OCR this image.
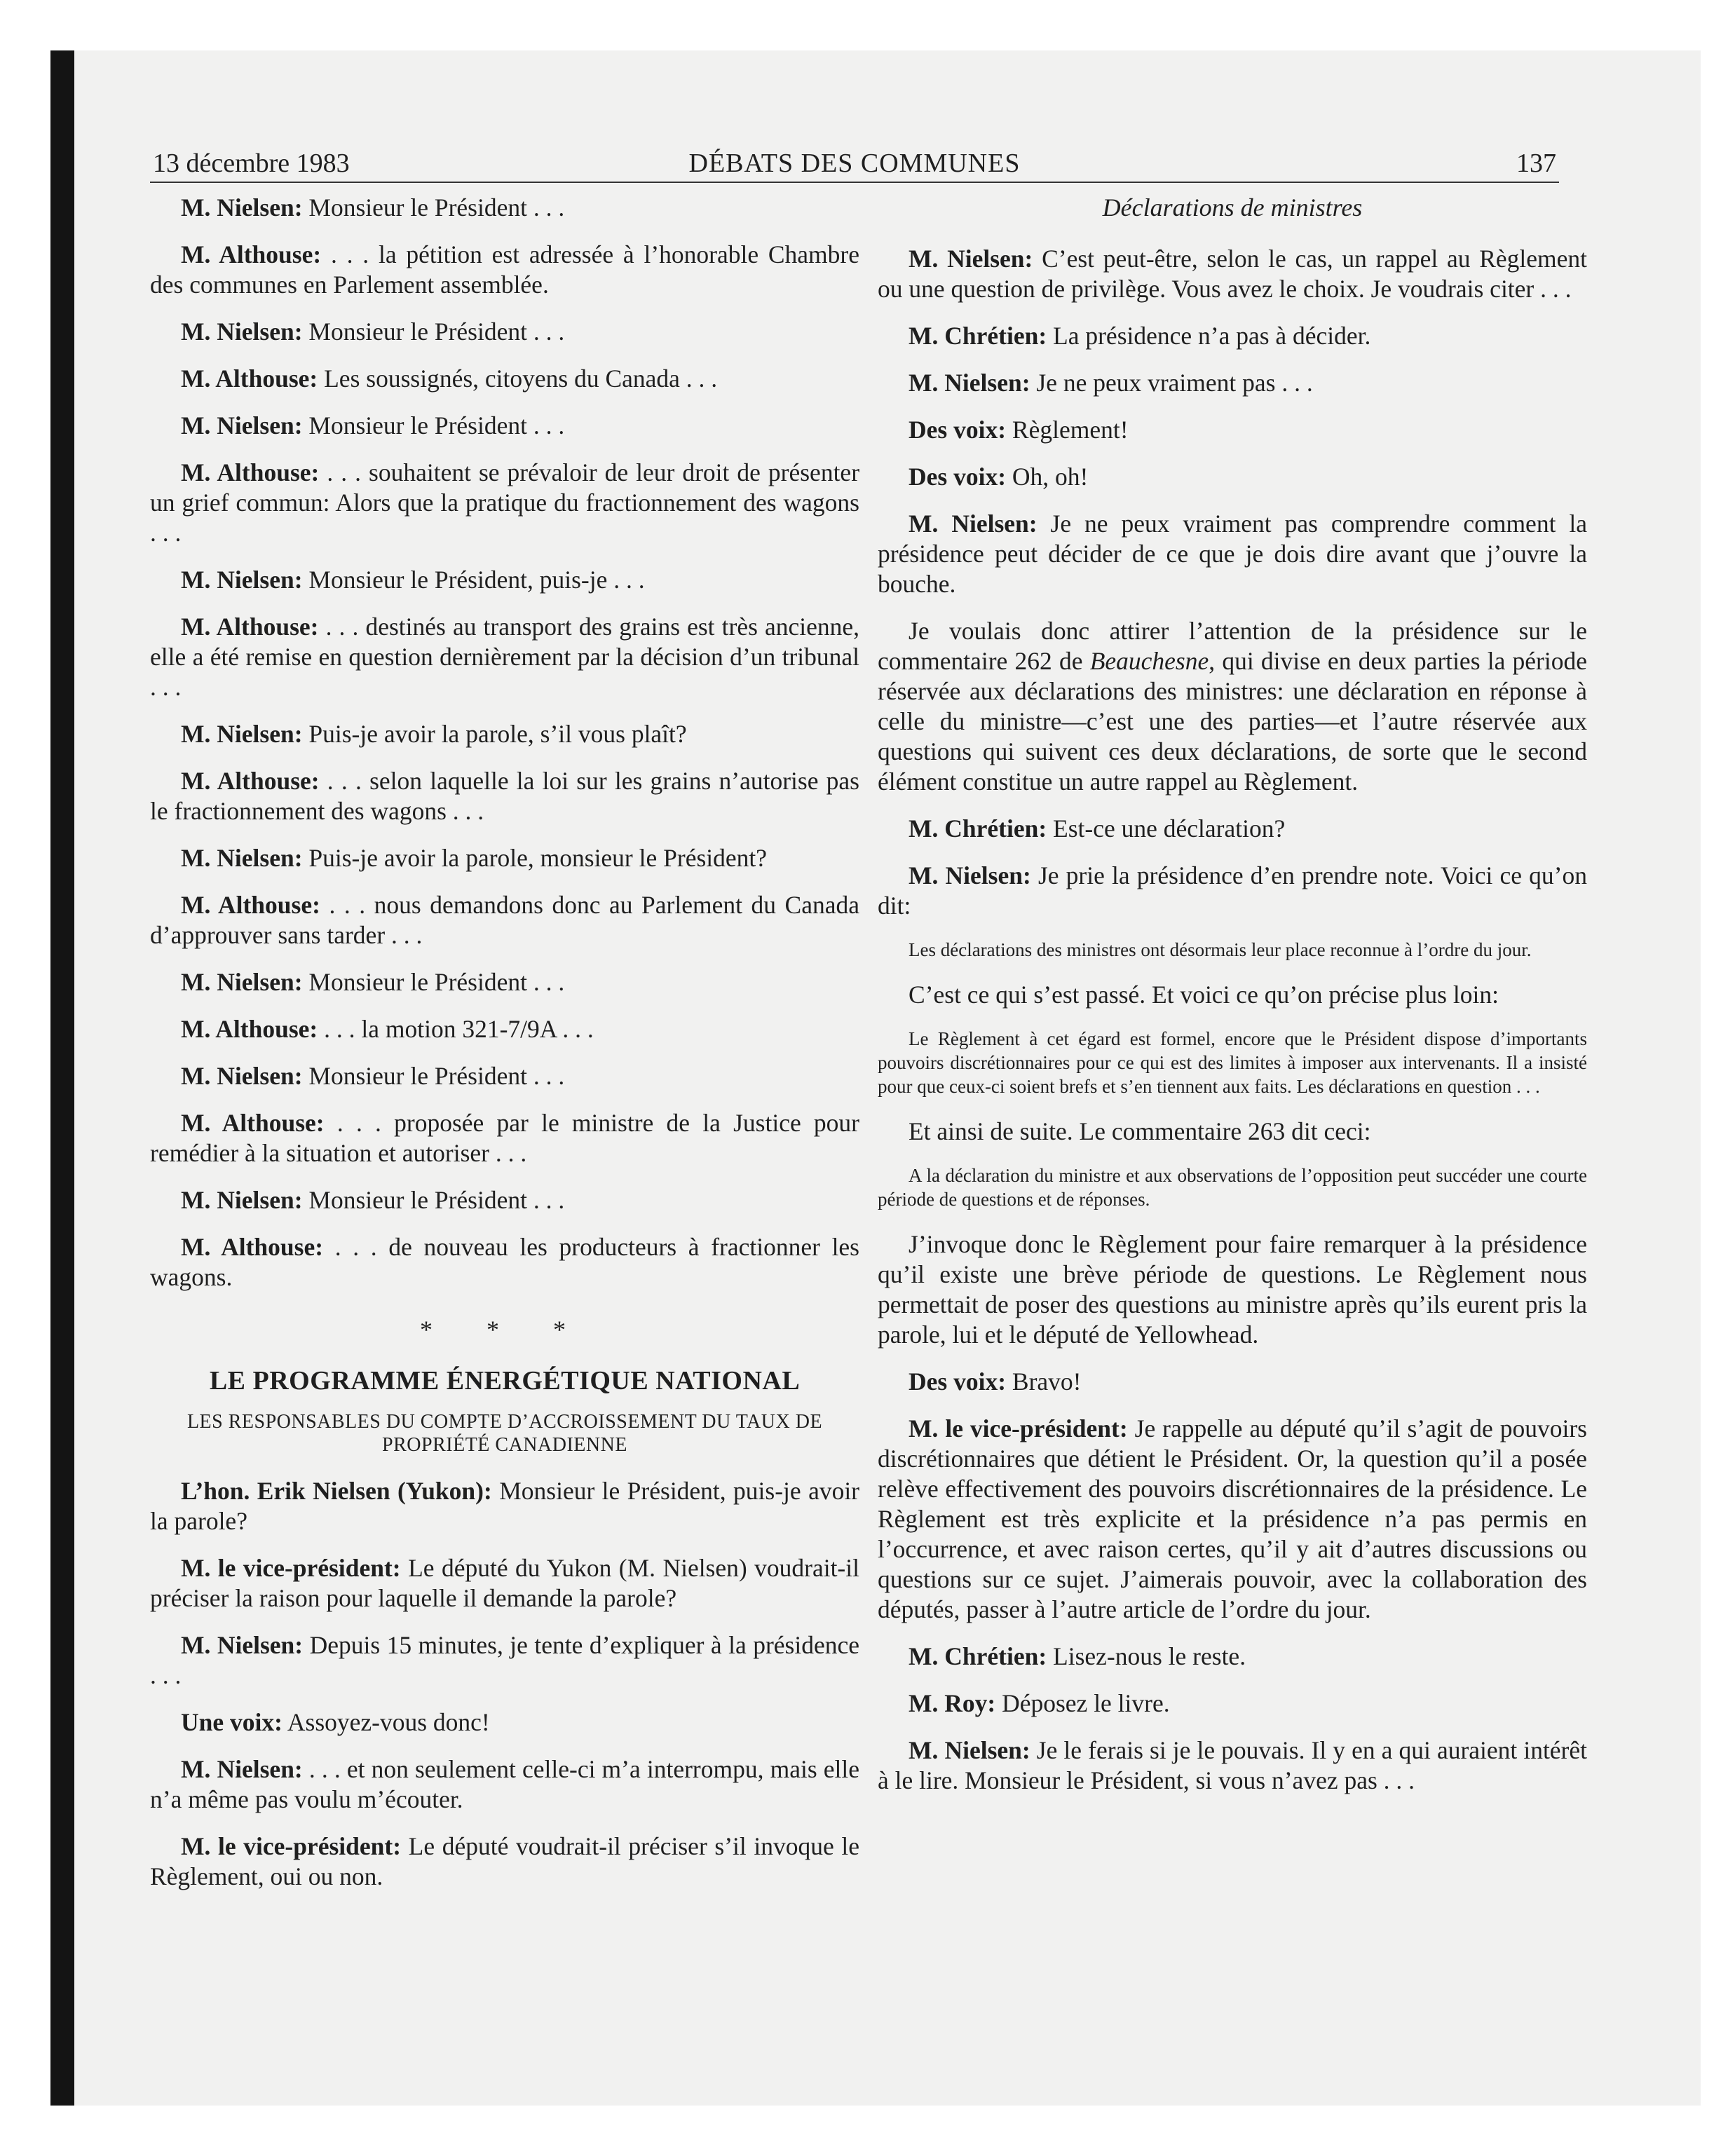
13 décembre 1983	DÉBATS DES COMMUNES	137

M. Nielsen: Monsieur le Président . . .

M. Althouse: . . . la pétition est adressée à l’honorable Chambre des communes en Parlement assemblée.

M. Nielsen: Monsieur le Président . . .

M. Althouse: Les soussignés, citoyens du Canada . . .

M. Nielsen: Monsieur le Président . . .

M. Althouse: . . . souhaitent se prévaloir de leur droit de présenter un grief commun: Alors que la pratique du fractionnement des wagons . . .

M. Nielsen: Monsieur le Président, puis-je . . .

M. Althouse: . . . destinés au transport des grains est très ancienne, elle a été remise en question dernièrement par la décision d’un tribunal . . .

M. Nielsen: Puis-je avoir la parole, s’il vous plaît?

M. Althouse: . . . selon laquelle la loi sur les grains n’autorise pas le fractionnement des wagons . . .

M. Nielsen: Puis-je avoir la parole, monsieur le Président?

M. Althouse: . . . nous demandons donc au Parlement du Canada d’approuver sans tarder . . .

M. Nielsen: Monsieur le Président . . .

M. Althouse: . . . la motion 321-7/9A . . .

M. Nielsen: Monsieur le Président . . .

M. Althouse: . . . proposée par le ministre de la Justice pour remédier à la situation et autoriser . . .

M. Nielsen: Monsieur le Président . . .

M. Althouse: . . . de nouveau les producteurs à fractionner les wagons.

* * *
LE PROGRAMME ÉNERGÉTIQUE NATIONAL
LES RESPONSABLES DU COMPTE D’ACCROISSEMENT DU TAUX DE PROPRIÉTÉ CANADIENNE

L’hon. Erik Nielsen (Yukon): Monsieur le Président, puis-je avoir la parole?

M. le vice-président: Le député du Yukon (M. Nielsen) voudrait-il préciser la raison pour laquelle il demande la parole?

M. Nielsen: Depuis 15 minutes, je tente d’expliquer à la présidence . . .

Une voix: Assoyez-vous donc!

M. Nielsen: . . . et non seulement celle-ci m’a interrompu, mais elle n’a même pas voulu m’écouter.

M. le vice-président: Le député voudrait-il préciser s’il invoque le Règlement, oui ou non.

Déclarations de ministres

M. Nielsen: C’est peut-être, selon le cas, un rappel au Règlement ou une question de privilège. Vous avez le choix. Je voudrais citer . . .

M. Chrétien: La présidence n’a pas à décider.

M. Nielsen: Je ne peux vraiment pas . . .

Des voix: Règlement!

Des voix: Oh, oh!

M. Nielsen: Je ne peux vraiment pas comprendre comment la présidence peut décider de ce que je dois dire avant que j’ouvre la bouche.

Je voulais donc attirer l’attention de la présidence sur le commentaire 262 de Beauchesne, qui divise en deux parties la période réservée aux déclarations des ministres: une déclaration en réponse à celle du ministre—c’est une des parties—et l’autre réservée aux questions qui suivent ces deux déclarations, de sorte que le second élément constitue un autre rappel au Règlement.

M. Chrétien: Est-ce une déclaration?

M. Nielsen: Je prie la présidence d’en prendre note. Voici ce qu’on dit:

Les déclarations des ministres ont désormais leur place reconnue à l’ordre du jour.

C’est ce qui s’est passé. Et voici ce qu’on précise plus loin:

Le Règlement à cet égard est formel, encore que le Président dispose d’importants pouvoirs discrétionnaires pour ce qui est des limites à imposer aux intervenants. Il a insisté pour que ceux-ci soient brefs et s’en tiennent aux faits. Les déclarations en question . . .

Et ainsi de suite. Le commentaire 263 dit ceci:

A la déclaration du ministre et aux observations de l’opposition peut succéder une courte période de questions et de réponses.

J’invoque donc le Règlement pour faire remarquer à la présidence qu’il existe une brève période de questions. Le Règlement nous permettait de poser des questions au ministre après qu’ils eurent pris la parole, lui et le député de Yellowhead.

Des voix: Bravo!

M. le vice-président: Je rappelle au député qu’il s’agit de pouvoirs discrétionnaires que détient le Président. Or, la question qu’il a posée relève effectivement des pouvoirs discrétionnaires de la présidence. Le Règlement est très explicite et la présidence n’a pas permis en l’occurrence, et avec raison certes, qu’il y ait d’autres discussions ou questions sur ce sujet. J’aimerais pouvoir, avec la collaboration des députés, passer à l’autre article de l’ordre du jour.

M. Chrétien: Lisez-nous le reste.

M. Roy: Déposez le livre.

M. Nielsen: Je le ferais si je le pouvais. Il y en a qui auraient intérêt à le lire. Monsieur le Président, si vous n’avez pas . . .
